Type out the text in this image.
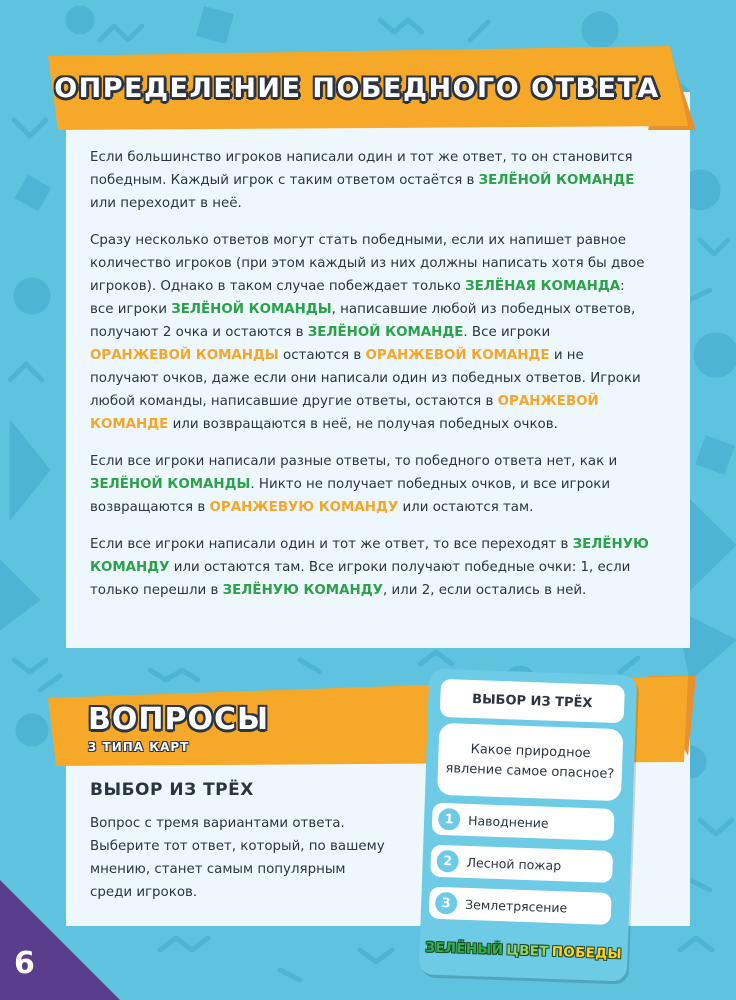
ОПРЕДЕЛЕНИЕ ПОБЕДНОГО ОТВЕТА

Если большинство игроков написали один и тот же ответ, то он становится победным. Каждый игрок с таким ответом остаётся в ЗЕЛЁНОЙ КОМАНДЕ или переходит в неё.

Сразу несколько ответов могут стать победными, если их напишет равное количество игроков (при этом каждый из них должны написать хотя бы двое игроков). Однако в таком случае побеждает только ЗЕЛЁНАЯ КОМАНДА: все игроки ЗЕЛЁНОЙ КОМАНДЫ, написавшие любой из победных ответов, получают 2 очка и остаются в ЗЕЛЁНОЙ КОМАНДЕ. Все игроки ОРАНЖЕВОЙ КОМАНДЫ остаются в ОРАНЖЕВОЙ КОМАНДЕ и не получают очков, даже если они написали один из победных ответов. Игроки любой команды, написавшие другие ответы, остаются в ОРАНЖЕВОЙ КОМАНДЕ или возвращаются в неё, не получая победных очков.

Если все игроки написали разные ответы, то победного ответа нет, как и ЗЕЛЁНОЙ КОМАНДЫ. Никто не получает победных очков, и все игроки возвращаются в ОРАНЖЕВУЮ КОМАНДУ или остаются там.

Если все игроки написали один и тот же ответ, то все переходят в ЗЕЛЁНУЮ КОМАНДУ или остаются там. Все игроки получают победные очки: 1, если только перешли в ЗЕЛЁНУЮ КОМАНДУ, или 2, если остались в ней.

ВОПРОСЫ
3 ТИПА КАРТ
ВЫБОР ИЗ ТРЁХ
Вопрос с тремя вариантами ответа. Выберите тот ответ, который, по вашему мнению, станет самым популярным среди игроков.
ВЫБОР ИЗ ТРЁХ
Какое природное явление самое опасное?
1	Наводнение
2	Лесной пожар
3	Землетрясение
ЗЕЛЁНЫЙ ЦВЕТ ПОБЕДЫ
6
